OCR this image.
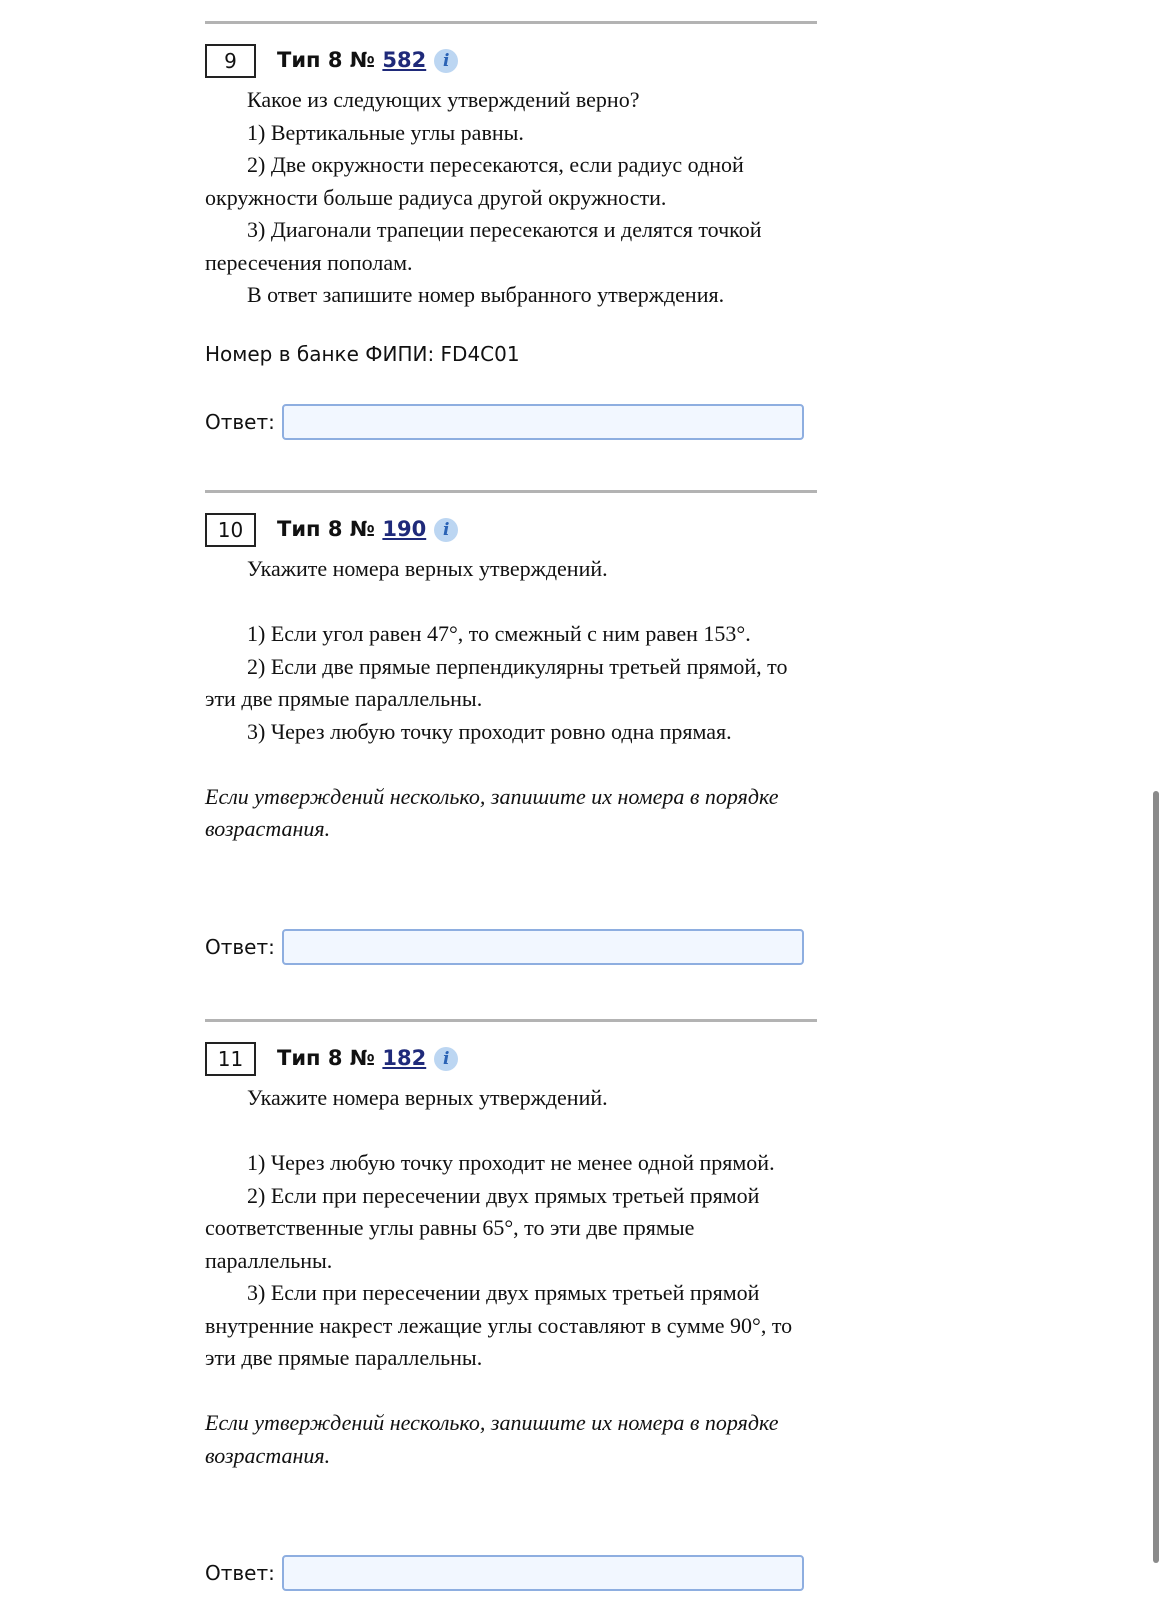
9	Тип 8 № 582 i

Какое из следующих утверждений верно?

1) Вертикальные углы равны.

2) Две окружности пересекаются, если радиус одной окружности больше радиуса другой окружности.

3) Диагонали трапеции пересекаются и делятся точкой пересечения пополам.

В ответ запишите номер выбранного утверждения.

Номер в банке ФИПИ: FD4C01
Ответ:
10	Тип 8 № 190 i

Укажите номера верных утверждений.

1) Если угол равен 47°, то смежный с ним равен 153°.

2) Если две прямые перпендикулярны третьей прямой, то эти две прямые параллельны.

3) Через любую точку проходит ровно одна прямая.

Если утверждений несколько, запишите их номера в порядке возрастания.

Ответ:
11	Тип 8 № 182 i

Укажите номера верных утверждений.

1) Через любую точку проходит не менее одной прямой.

2) Если при пересечении двух прямых третьей прямой соответственные углы равны 65°, то эти две прямые параллельны.

3) Если при пересечении двух прямых третьей прямой внутренние накрест лежащие углы составляют в сумме 90°, то эти две прямые параллельны.

Если утверждений несколько, запишите их номера в порядке возрастания.

Ответ:
